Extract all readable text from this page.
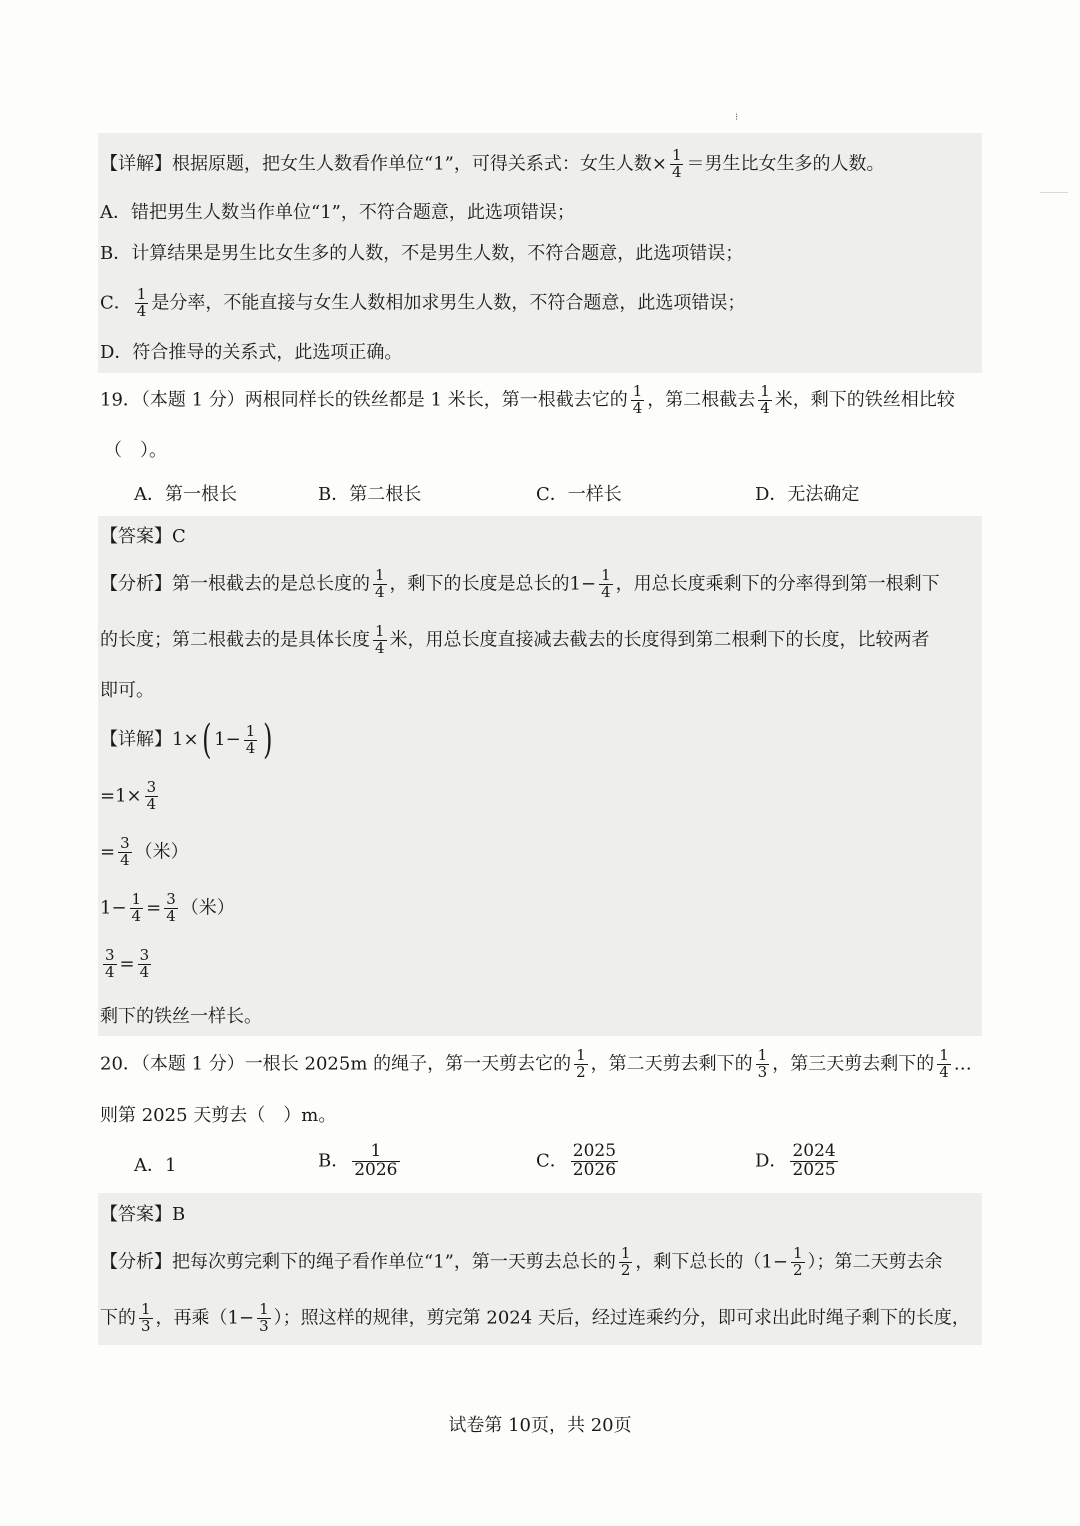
⁝
【详解】根据原题，把女生人数看作单位“1”，可得关系式：女生人数× $\frac{1}{4}$ ＝男生比女生多的人数。
A．错把男生人数当作单位“1”，不符合题意，此选项错误；
B．计算结果是男生比女生多的人数，不是男生人数，不符合题意，此选项错误；
C． $\frac{1}{4}$ 是分率，不能直接与女生人数相加求男生人数，不符合题意，此选项错误；
D．符合推导的关系式，此选项正确。
19．（本题 1 分）两根同样长的铁丝都是 1 米长，第一根截去它的 $\frac{1}{4}$ ，第二根截去 $\frac{1}{4}$ 米，剩下的铁丝相比较
（　）。
A．第一根长	B．第二根长	C．一样长	D．无法确定
【答案】C
【分析】第一根截去的是总长度的 $\frac{1}{4}$ ，剩下的长度是总长的$1- \frac{1}{4}$ ，用总长度乘剩下的分率得到第一根剩下
的长度；第二根截去的是具体长度 $\frac{1}{4}$ 米，用总长度直接减去截去的长度得到第二根剩下的长度，比较两者
即可。
【详解】1×( $1- \frac{1}{4}$ )
$=1\times \frac{3}{4}$
= $\frac{3}{4}$ （米）
$1- \frac{1}{4} = \frac{3}{4}$ （米）
$\frac{3}{4} = \frac{3}{4}$
剩下的铁丝一样长。
20．（本题 1 分）一根长 2025m 的绳子，第一天剪去它的 $\frac{1}{2}$ ，第二天剪去剩下的 $\frac{1}{3}$ ，第三天剪去剩下的 $\frac{1}{4}$ …
则第 2025 天剪去（　）m。
A．1	B． $\frac{1}{2026}$	C． $\frac{2025}{2026}$	D． $\frac{2024}{2025}$
【答案】B
【分析】把每次剪完剩下的绳子看作单位“1”，第一天剪去总长的 $\frac{1}{2}$ ，剩下总长的（$1- \frac{1}{2}$ ）；第二天剪去余
下的 $\frac{1}{3}$ ，再乘（$1- \frac{1}{3}$ ）；照这样的规律，剪完第 2024 天后，经过连乘约分，即可求出此时绳子剩下的长度，
试卷第 10页，共 20页
